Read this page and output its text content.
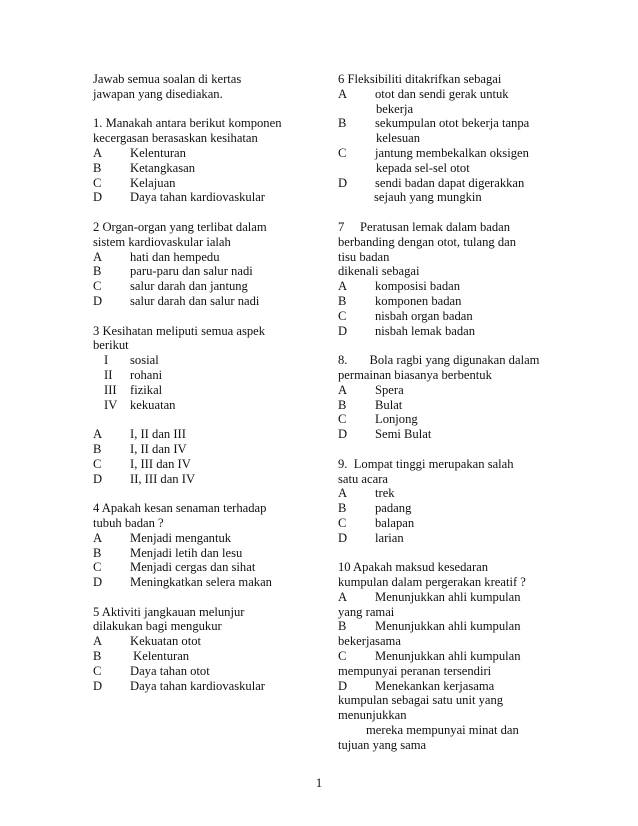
Jawab semua soalan di kertas
jawapan yang disediakan.
1. Manakah antara berikut komponen
kecergasan berasaskan kesihatan
A Kelenturan
B Ketangkasan
C Kelajuan
D Daya tahan kardiovaskular
2 Organ-organ yang terlibat dalam
sistem kardiovaskular ialah
A hati dan hempedu
B paru-paru dan salur nadi
C salur darah dan jantung
D salur darah dan salur nadi
3 Kesihatan meliputi semua aspek
berikut
I sosial
II rohani
III fizikal
IV kekuatan
A I, II dan III
B I, II dan IV
C I, III dan IV
D II, III dan IV
4 Apakah kesan senaman terhadap
tubuh badan ?
A Menjadi mengantuk
B Menjadi letih dan lesu
C Menjadi cergas dan sihat
D Meningkatkan selera makan
5 Aktiviti jangkauan melunjur
dilakukan bagi mengukur
A Kekuatan otot
B Kelenturan
C Daya tahan otot
D Daya tahan kardiovaskular
6 Fleksibiliti ditakrifkan sebagai
A otot dan sendi gerak untuk
bekerja
B sekumpulan otot bekerja tanpa
kelesuan
C jantung membekalkan oksigen
kepada sel-sel otot
D sendi badan dapat digerakkan
sejauh yang mungkin
7     Peratusan lemak dalam badan
berbanding dengan otot, tulang dan
tisu badan
dikenali sebagai
A komposisi badan
B komponen badan
C nisbah organ badan
D nisbah lemak badan
8.       Bola ragbi yang digunakan dalam
permainan biasanya berbentuk
A Spera
B Bulat
C Lonjong
D Semi Bulat
9.  Lompat tinggi merupakan salah
satu acara
A trek
B padang
C balapan
D larian
10 Apakah maksud kesedaran
kumpulan dalam pergerakan kreatif ?
A Menunjukkan ahli kumpulan
yang ramai
B Menunjukkan ahli kumpulan
bekerjasama
C Menunjukkan ahli kumpulan
mempunyai peranan tersendiri
D Menekankan kerjasama
kumpulan sebagai satu unit yang
menunjukkan
mereka mempunyai minat dan
tujuan yang sama
1
